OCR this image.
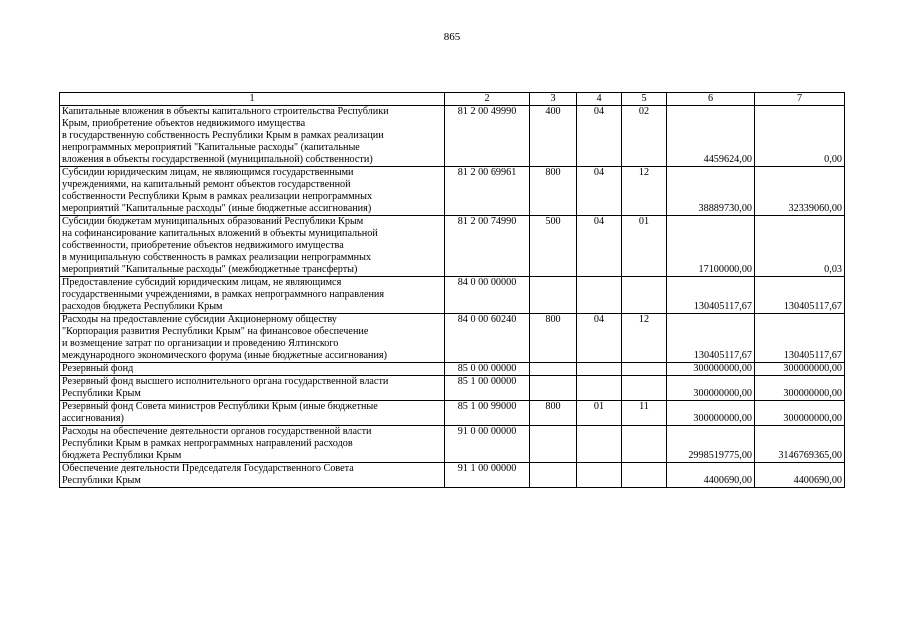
865
1	2	3	4	5	6	7

Капитальные вложения в объекты капитального строительства Республики
Крым, приобретение объектов недвижимого имущества
в государственную собственность Республики Крым в рамках реализации
непрограммных мероприятий "Капитальные расходы" (капитальные
вложения в объекты государственной (муниципальной) собственности)	81 2 00 49990	400	04	02	4459624,00	0,00

Субсидии юридическим лицам, не являющимся государственными
учреждениями, на капитальный ремонт объектов государственной
собственности Республики Крым в рамках реализации непрограммных
мероприятий "Капитальные расходы" (иные бюджетные ассигнования)	81 2 00 69961	800	04	12	38889730,00	32339060,00

Субсидии бюджетам муниципальных образований Республики Крым
на софинансирование капитальных вложений в объекты муниципальной
собственности, приобретение объектов недвижимого имущества
в муниципальную собственность в рамках реализации непрограммных
мероприятий "Капитальные расходы" (межбюджетные трансферты)	81 2 00 74990	500	04	01	17100000,00	0,03

Предоставление субсидий юридическим лицам, не являющимся
государственными учреждениями, в рамках непрограммного направления
расходов бюджета Республики Крым	84 0 00 00000				130405117,67	130405117,67

Расходы на предоставление субсидии Акционерному обществу
"Корпорация развития Республики Крым" на финансовое обеспечение
и возмещение затрат по организации и проведению Ялтинского
международного экономического форума (иные бюджетные ассигнования)	84 0 00 60240	800	04	12	130405117,67	130405117,67

Резервный фонд	85 0 00 00000				300000000,00	300000000,00

Резервный фонд высшего исполнительного органа государственной власти
Республики Крым	85 1 00 00000				300000000,00	300000000,00

Резервный фонд Совета министров Республики Крым (иные бюджетные
ассигнования)	85 1 00 99000	800	01	11	300000000,00	300000000,00

Расходы на обеспечение деятельности органов государственной власти
Республики Крым в рамках непрограммных направлений расходов
бюджета Республики Крым	91 0 00 00000				2998519775,00	3146769365,00

Обеспечение деятельности Председателя Государственного Совета
Республики Крым	91 1 00 00000				4400690,00	4400690,00
